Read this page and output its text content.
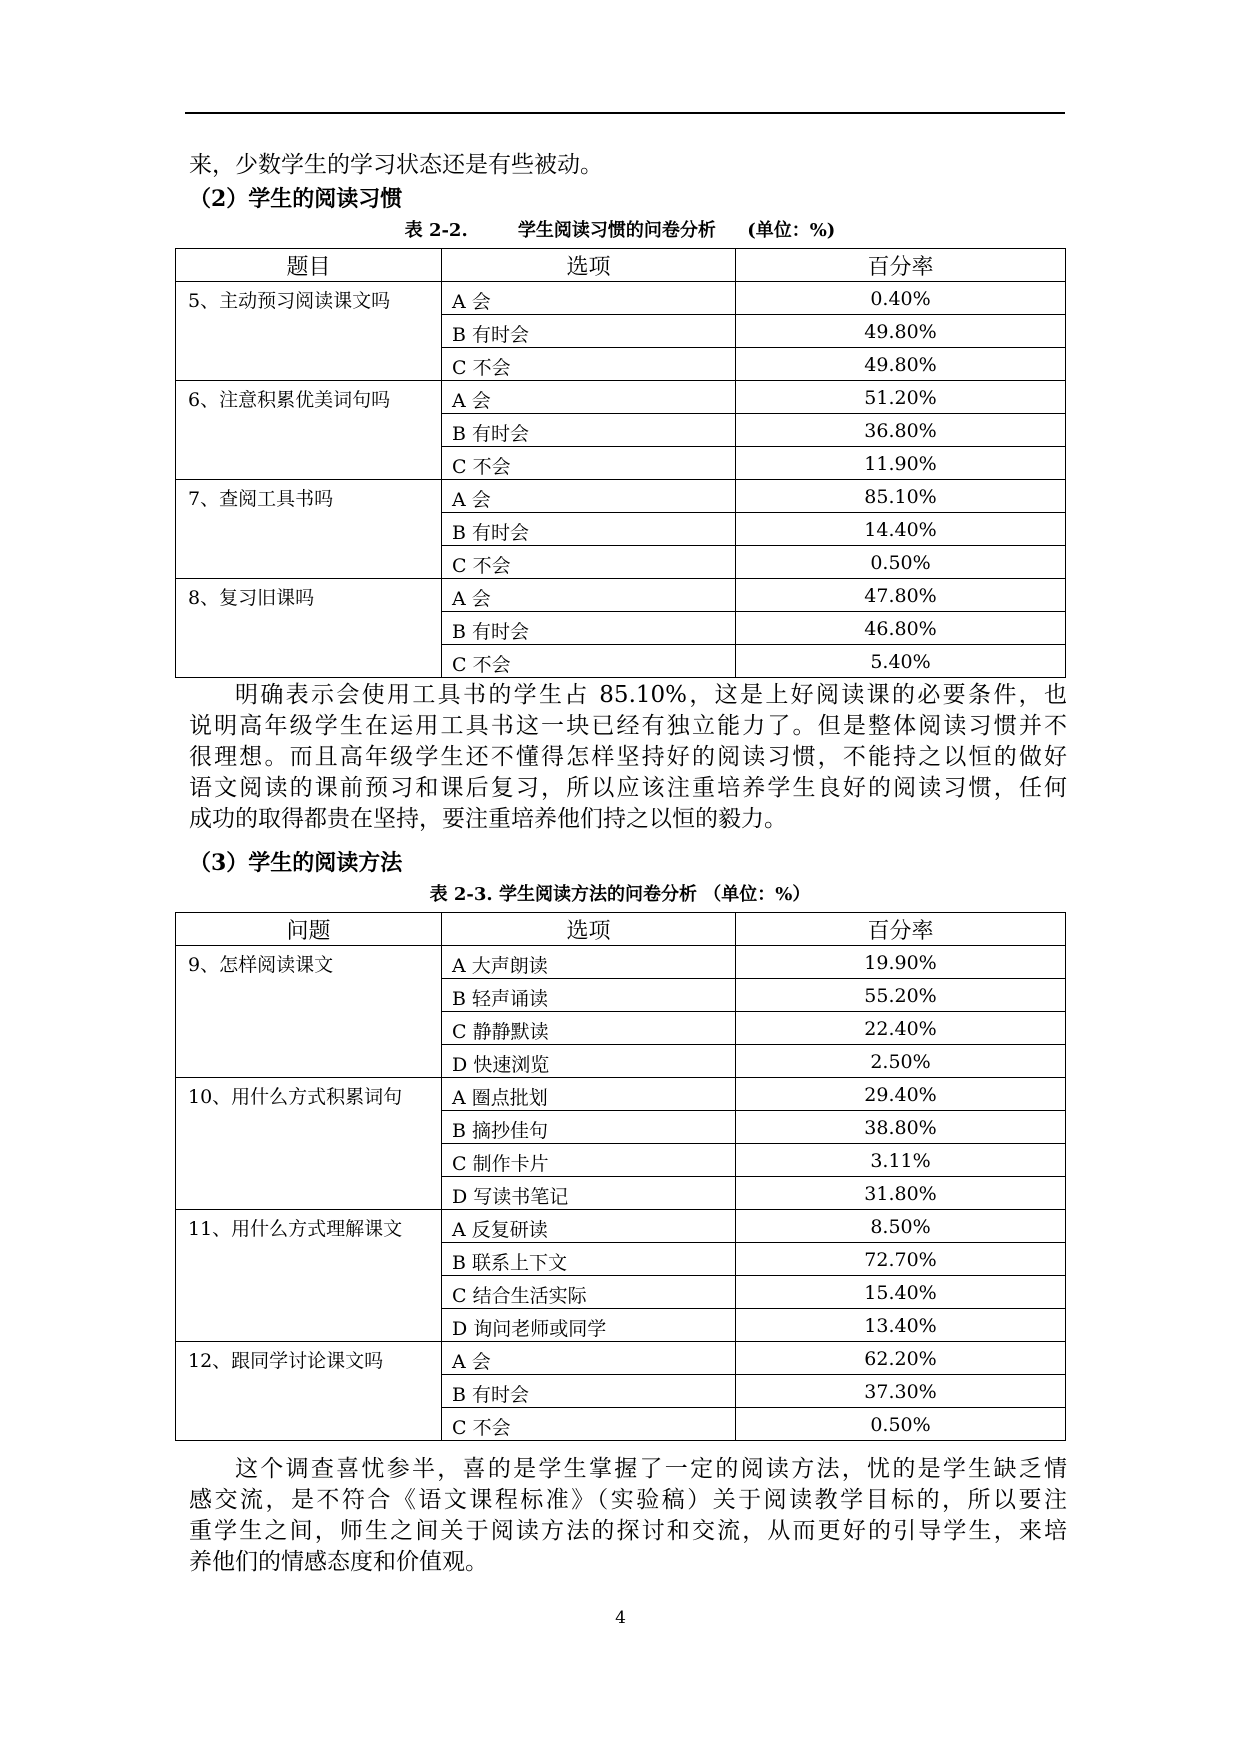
来，少数学生的学习状态还是有些被动。
（2）学生的阅读习惯
表 2-2.        学生阅读习惯的问卷分析     (单位：%)
题目	选项	百分率
5、主动预习阅读课文吗	A 会	0.40%
	B 有时会	49.80%
	C 不会	49.80%
6、注意积累优美词句吗	A 会	51.20%
	B 有时会	36.80%
	C 不会	11.90%
7、查阅工具书吗	A 会	85.10%
	B 有时会	14.40%
	C 不会	0.50%
8、复习旧课吗	A 会	47.80%
	B 有时会	46.80%
	C 不会	5.40%
明确表示会使用工具书的学生占 85.10%，这是上好阅读课的必要条件，也
说明高年级学生在运用工具书这一块已经有独立能力了。但是整体阅读习惯并不
很理想。而且高年级学生还不懂得怎样坚持好的阅读习惯，不能持之以恒的做好
语文阅读的课前预习和课后复习，所以应该注重培养学生良好的阅读习惯，任何
成功的取得都贵在坚持，要注重培养他们持之以恒的毅力。
（3）学生的阅读方法
表 2-3. 学生阅读方法的问卷分析 （单位：%）
问题	选项	百分率
9、怎样阅读课文	A 大声朗读	19.90%
	B 轻声诵读	55.20%
	C 静静默读	22.40%
	D 快速浏览	2.50%
10、用什么方式积累词句	A 圈点批划	29.40%
	B 摘抄佳句	38.80%
	C 制作卡片	3.11%
	D 写读书笔记	31.80%
11、用什么方式理解课文	A 反复研读	8.50%
	B 联系上下文	72.70%
	C 结合生活实际	15.40%
	D 询问老师或同学	13.40%
12、跟同学讨论课文吗	A 会	62.20%
	B 有时会	37.30%
	C 不会	0.50%
这个调查喜忧参半，喜的是学生掌握了一定的阅读方法，忧的是学生缺乏情
感交流，是不符合《语文课程标准》（实验稿）关于阅读教学目标的，所以要注
重学生之间，师生之间关于阅读方法的探讨和交流，从而更好的引导学生，来培
养他们的情感态度和价值观。
4
